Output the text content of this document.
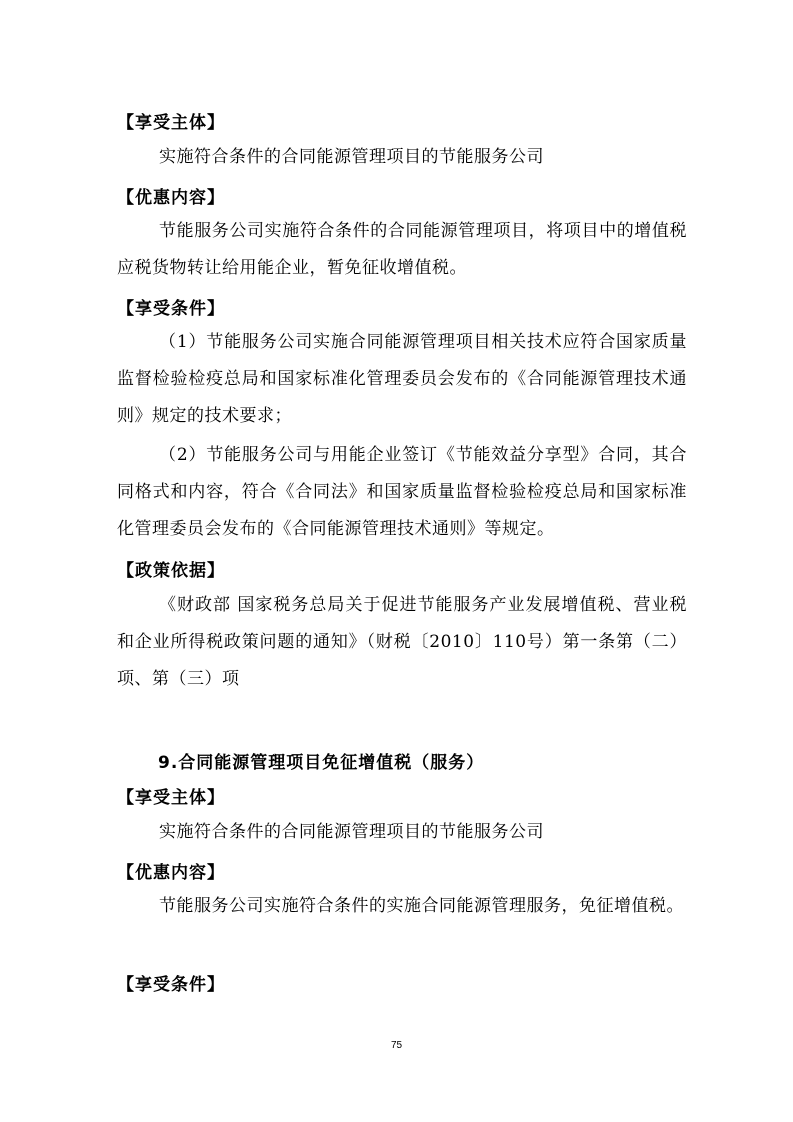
【享受主体】
实施符合条件的合同能源管理项目的节能服务公司
【优惠内容】
节能服务公司实施符合条件的合同能源管理项目，将项目中的增值税应税货物转让给用能企业，暂免征收增值税。
【享受条件】
（1）节能服务公司实施合同能源管理项目相关技术应符合国家质量监督检验检疫总局和国家标准化管理委员会发布的《合同能源管理技术通则》规定的技术要求；
（2）节能服务公司与用能企业签订《节能效益分享型》合同，其合同格式和内容，符合《合同法》和国家质量监督检验检疫总局和国家标准化管理委员会发布的《合同能源管理技术通则》等规定。
【政策依据】
《财政部 国家税务总局关于促进节能服务产业发展增值税、营业税和企业所得税政策问题的通知》（财税〔2010〕110号）第一条第（二）项、第（三）项
9.合同能源管理项目免征增值税（服务）
【享受主体】
实施符合条件的合同能源管理项目的节能服务公司
【优惠内容】
节能服务公司实施符合条件的实施合同能源管理服务，免征增值税。
【享受条件】
75
